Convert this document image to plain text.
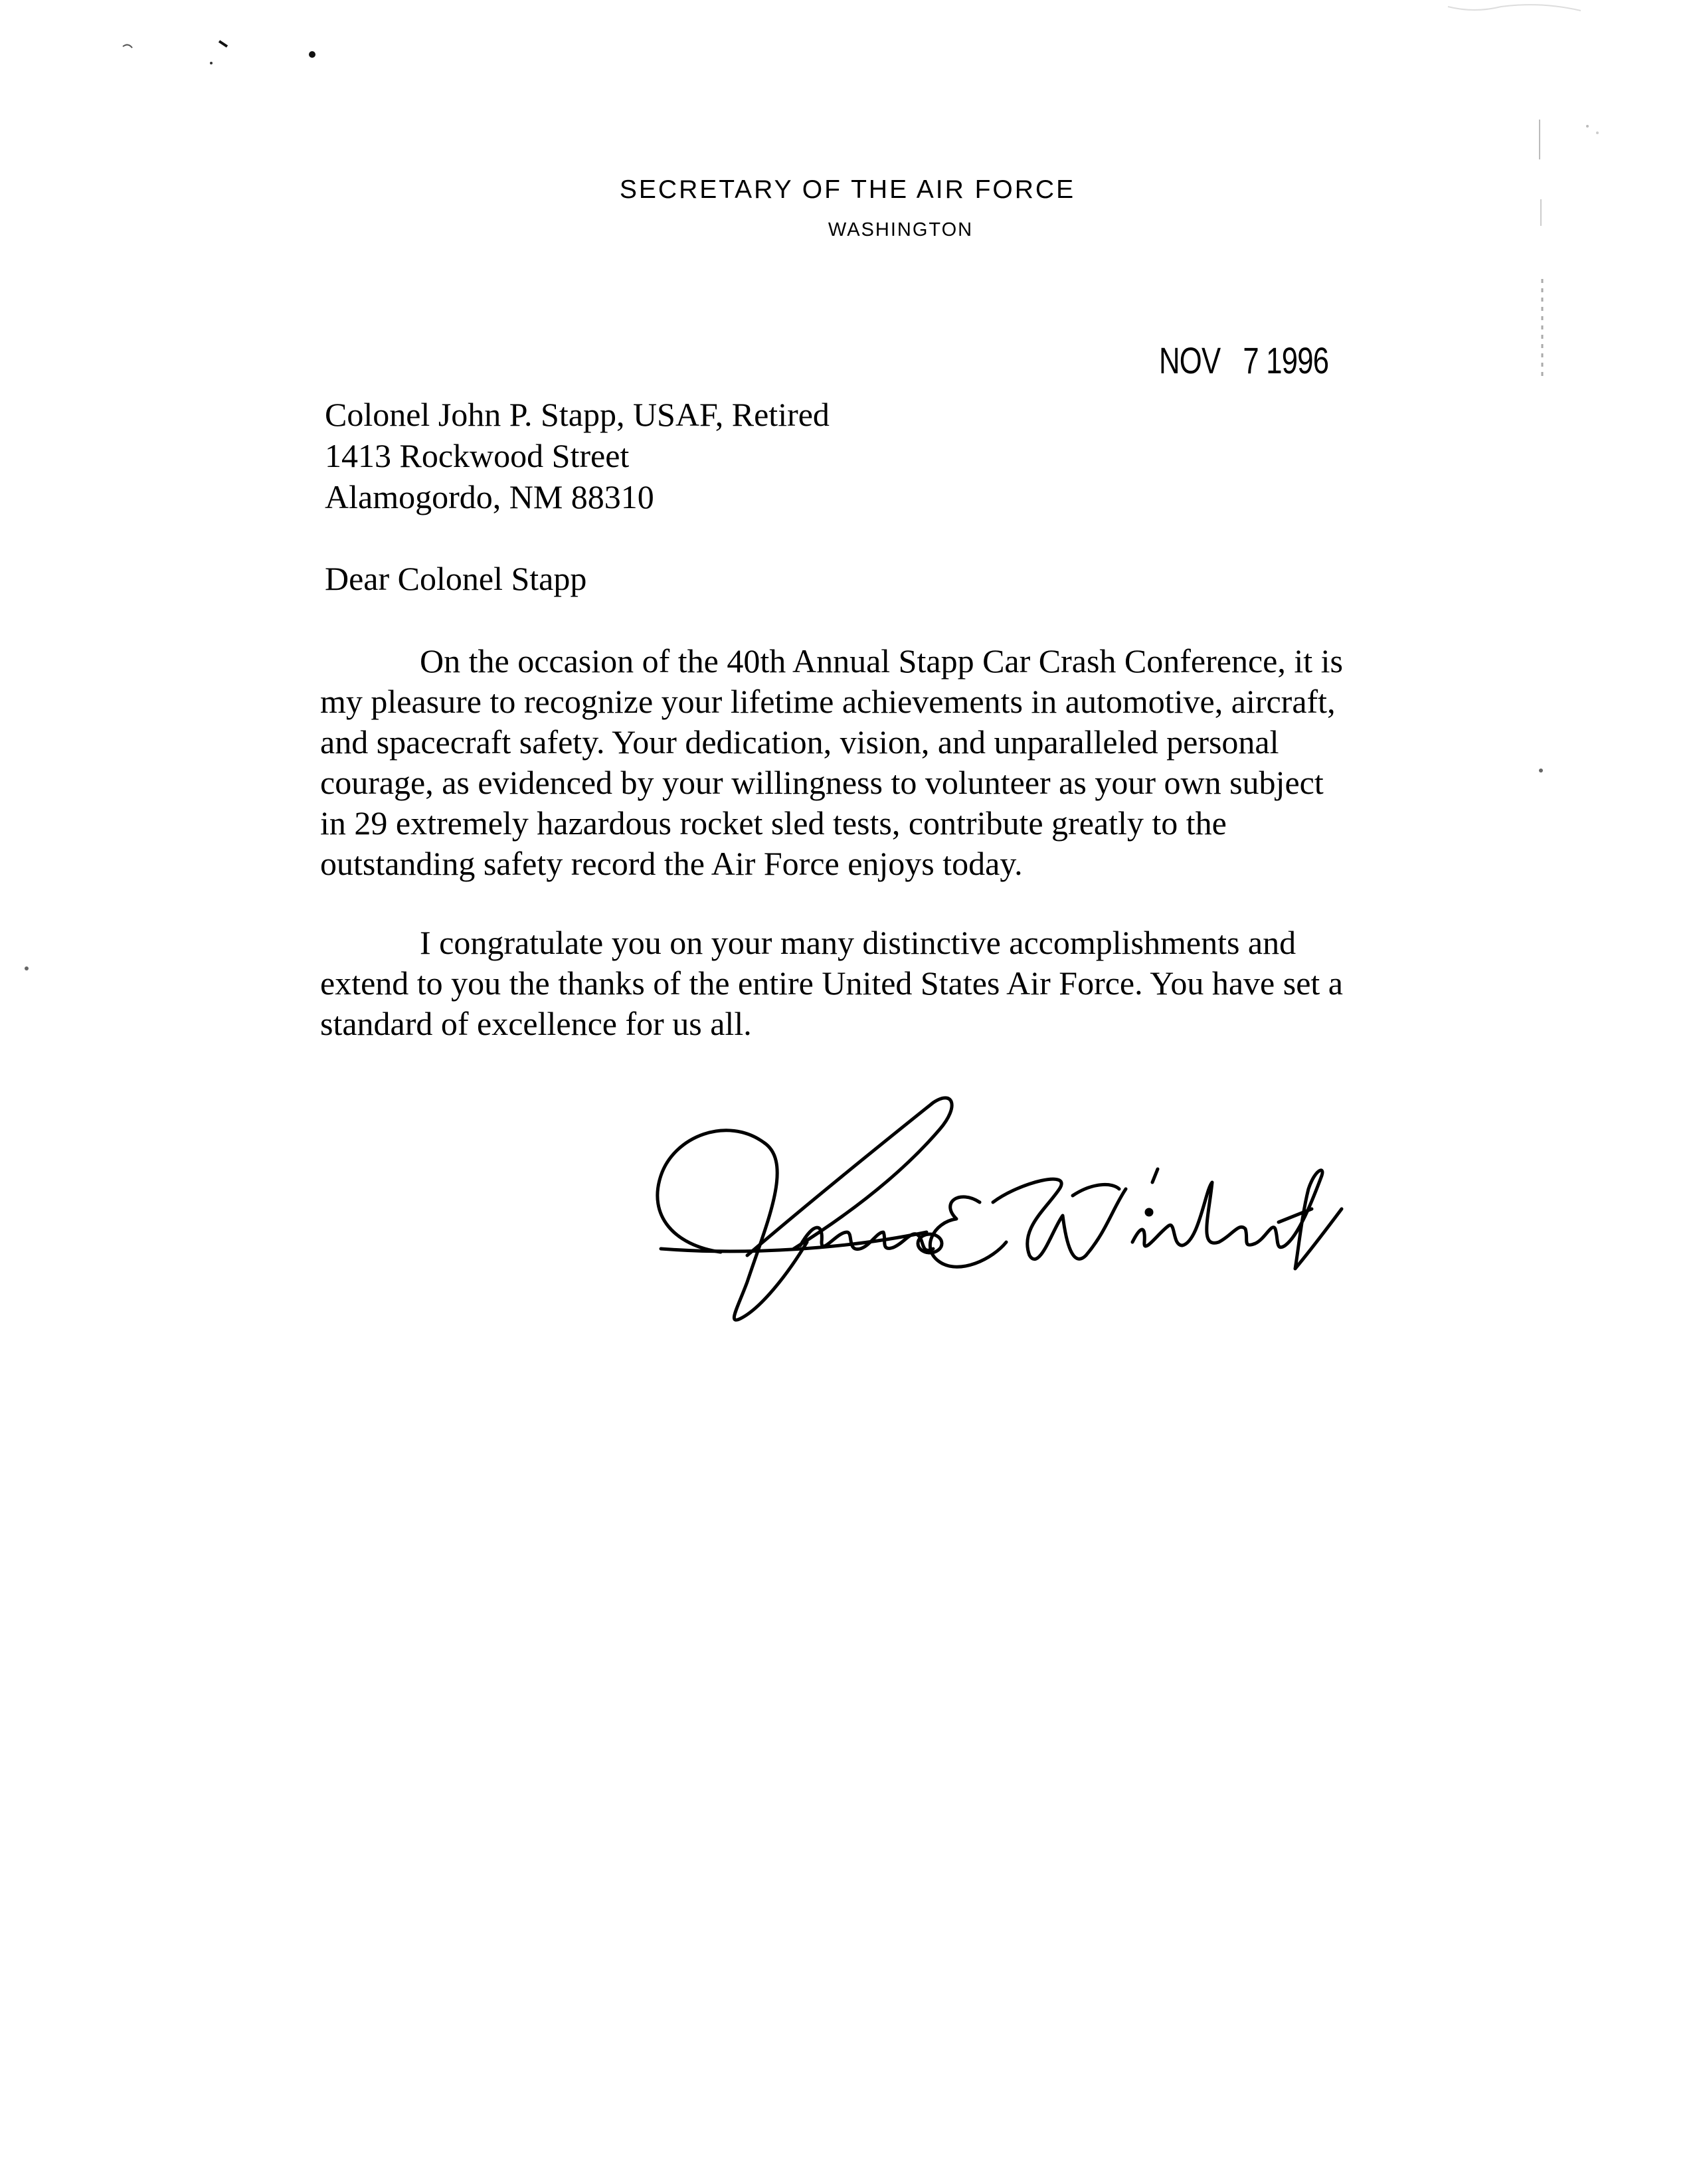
SECRETARY OF THE AIR FORCE
WASHINGTON
NOV   7 1996
Colonel John P. Stapp, USAF, Retired
1413 Rockwood Street
Alamogordo, NM 88310
Dear Colonel Stapp

On the occasion of the 40th Annual Stapp Car Crash Conference, it is my pleasure to recognize your lifetime achievements in automotive, aircraft, and spacecraft safety. Your dedication, vision, and unparalleled personal courage, as evidenced by your willingness to volunteer as your own subject in 29 extremely hazardous rocket sled tests, contribute greatly to the outstanding safety record the Air Force enjoys today.

I congratulate you on your many distinctive accomplishments and extend to you the thanks of the entire United States Air Force. You have set a standard of excellence for us all.
